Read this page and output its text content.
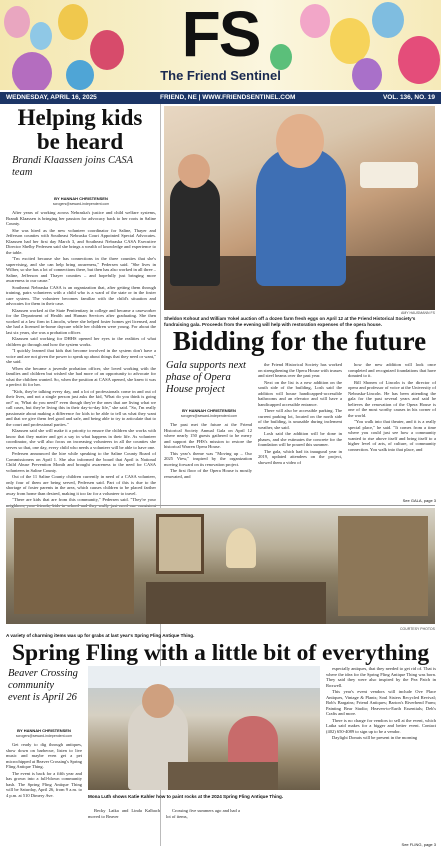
FS
The Friend Sentinel
WEDNESDAY, APRIL 16, 2025	FRIEND, NE | WWW.FRIENDSENTINEL.COM	VOL. 136, NO. 19
Helping kids be heard
Brandi Klaassen joins CASA team
BY HANNAH CHRISTENSEN
scrogers@seward-independent.com

After years of working across Nebraska's justice and child welfare systems, Brandi Klaassen is bringing her passion for advocacy back to her roots in Saline County.

She was hired as the new volunteer coordinator for Saline, Thayer and Jefferson counties with Southeast Nebraska Court Appointed Special Advocates. Klaassen had her first day March 3, and Southeast Nebraska CASA Executive Director Shelby Pedersen said she brings a wealth of knowledge and experience to the table.

"I'm excited because she has connections in the three counties that she's supervising, and she can help bring awareness," Pedersen said. "She lives in Wilber, so she has a lot of connections there, but then has also worked in all three – Saline, Jefferson and Thayer counties – and hopefully just bringing more awareness to our cause."

Southeast Nebraska CASA is an organization that, after getting them through training, pairs volunteers with a child who is a ward of the state or in the foster care system. The volunteer becomes familiar with the child's situation and advocates for them in their case.

Klaassen worked at the State Penitentiary in college and became a caseworker for the Department of Health and Human Services after graduating. She then worked at a law firm in Lincoln, where she helped foster homes get licensed, and she had a licensed in-home daycare while her children were young. For about the last six years, she was a probation officer.

Klaassen said working for DHHS opened her eyes to the realities of what children go through and how the system works.

"I quickly learned that kids that become involved in the system don't have a voice and are not given the power to speak up about things that they need or want," she said.

When she became a juvenile probation officer, she loved working with the families and children but wished she had more of an opportunity to advocate for what the children wanted. So, when the position at CASA opened, she knew it was a perfect fit for her.

"Kids, they're talking every day, and a lot of professionals come in and out of their lives, and not a single person just asks the kid, 'What do you think is going on?' or, 'What do you need?' even though they're the ones that are living what we call cases, but they're living this in their day-to-day life," she said. "So, I'm really passionate about making a difference for kids to be able to tell us what they want and that we give them feel good and safe, and being able to try to articulate that to the court and professional parties."

Klaassen said she will make it a priority to ensure the children she works with know that they matter and get a say in what happens in their life. As volunteer coordinator, she will also focus on increasing volunteers in all the counties she serves so that, one day, every child who needs a volunteer will be able to have one.

Pedersen announced the hire while speaking to the Saline County Board of Commissioners on April 1. She also informed the board that April is National Child Abuse Prevention Month and brought awareness to the need for CASA volunteers in Saline County.

Out of the 11 Saline County children currently in need of a CASA volunteer, only four of them are being served, Pedersen said. Part of this is due to the shortage of foster parents in the area, which causes children to be placed farther away from home than desired, making it too far for a volunteer to travel.

"There are kids that are from this community," Pedersen said. "They're your

AMY HAUSMANN FS
Sheldon Kohout and William Yokel auction off a dozen farm fresh eggs on April 12 at the Friend Historical Society's fundraising gala. Proceeds from the evening will help with restoration expenses of the opera house.
Bidding for the future
Gala supports next phase of Opera House project
BY HANNAH CHRISTENSEN
scrogers@seward-independent.com

The past met the future at the Friend Historical Society Annual Gala on April 12 where nearly 150 guests gathered to be merry and support the FHS's mission to restore the historical Warren Opera House.

This year's theme was "Moving up – Our 2025 View," inspired by the organization moving forward on its renovation project.

The first floor of the Opera House is mostly renovated, and

the Friend Historical Society has worked on strengthening the Opera House with trusses and steel beams over the past year.

Next on the list is a new addition on the south side of the building, Losh said the addition will house handicapped-accessible bathrooms and an elevator and will have a handicapped accessible entrance.

There will also be accessible parking. The current parking lot, located on the north side of the building, is unusable during inclement weather, she said.

Losh said the addition will be done in phases, and she estimates the concrete for the foundation will be poured this summer.

The gala, which had its inaugural year in 2019, updated attendees on the project, showed them a video of

how the new addition will look once completed and recognized foundations that have donated to it.

Bill Shonen of Lincoln is the director of opera and professor of voice at the University of Nebraska-Lincoln. He has been attending the gala for the past several years and said he believes the renovation of the Opera House is one of the most worthy causes in his corner of the world.

"You walk into that theater, and it is a really special place," he said. "It comes from a time where you could just see how a community wanted to rise above itself and bring itself to a higher level of arts, of culture, of community connection. You walk into that place, and

See GALA, page 3
COURTESY PHOTOS
A variety of charming items was up for grabs at last year's Spring Fling Antique Thing.
Spring Fling with a little bit of everything
Beaver Crossing community event is April 26
BY HANNAH CHRISTENSEN
scrogers@seward-independent.com

Get ready to dig through antiques, show down on barbecue, listen to live music and maybe even get a pet microchipped at Beaver Crossing's Spring Fling Antique Thing.

The event is back for a fifth year and has grown into a full-blown community bash. The Spring Fling Antique Thing will be Saturday, April 26, from 9 a.m. to 4 p.m. at 510 Dimery Ave.	Mona Luth shows Katie Kahler how to paint rocks at the 2024 Spring Fling Antique Thing.

Becky Latka and Linda Kalbach moved to Beaver

Crossing five summers ago and had a lot of items,

especially antiques, that they needed to get rid of. That is where the idea for the Spring Fling Antique Thing was born. They said they were also inspired by the Pea Patch in Roxwell.

This year's event vendors will include Ove Place Antiques, Vintage & Plants; Soul Sisters Recycled Revival; Bob's Bargains; Friend Antiques; Barton's Riverbend Farm; Painting Bear Studio; Heaven-to-Earth Essentials; Deb's Crafts and more.

There is no charge for vendors to sell at the event, which Latka said makes for a bigger and better event. Contact (402) 650-4089 to sign up to be a vendor.

Daylight Donuts will be present in the morning

See FLING, page 3
